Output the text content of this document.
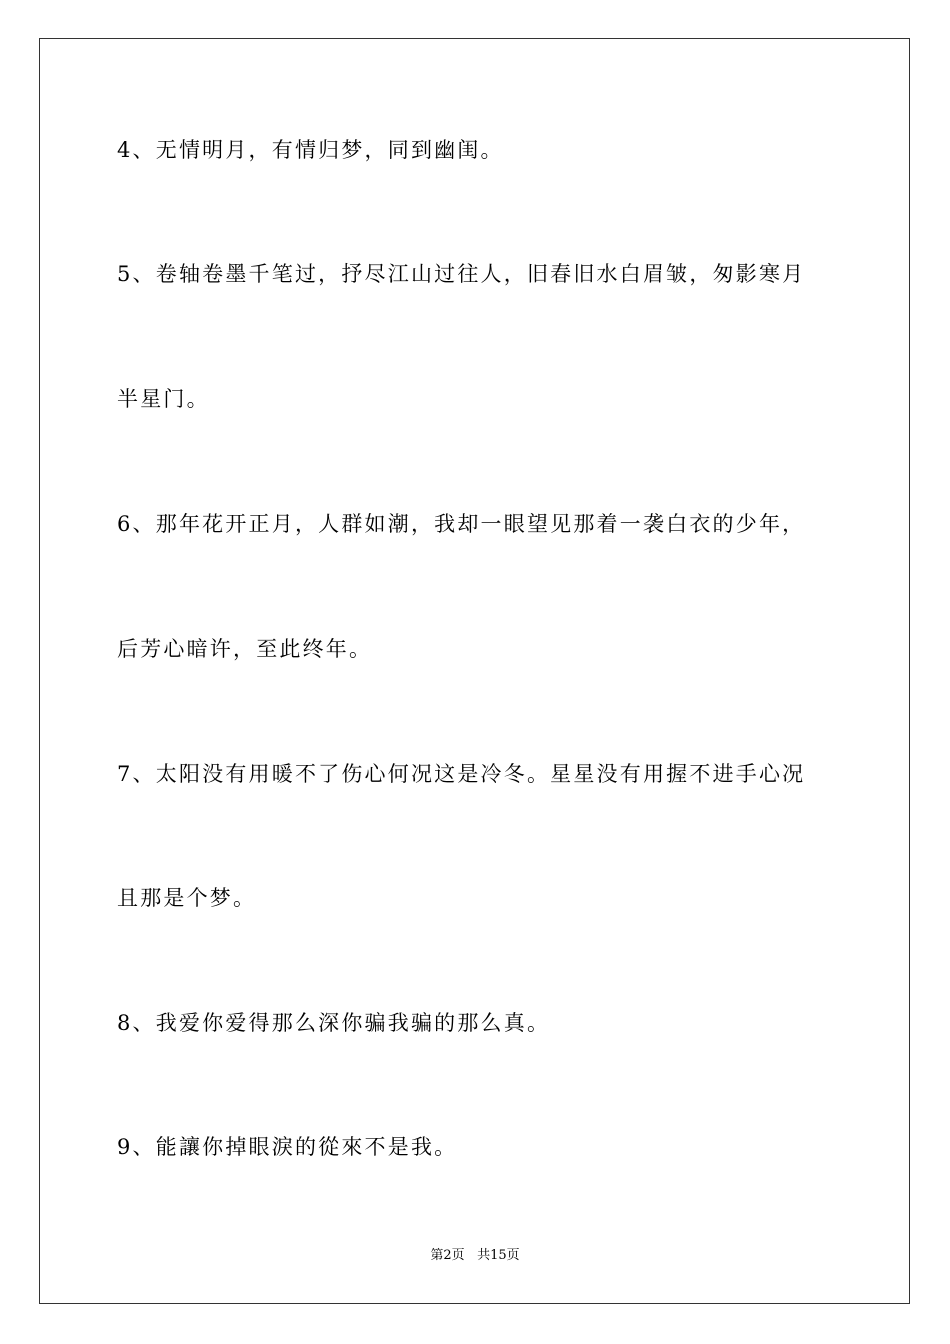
4、无情明月，有情归梦，同到幽闺。
5、卷轴卷墨千笔过，抒尽江山过往人，旧春旧水白眉皱，匆影寒月
半星门。
6、那年花开正月，人群如潮，我却一眼望见那着一袭白衣的少年，
后芳心暗许，至此终年。
7、太阳没有用暖不了伤心何况这是冷冬。星星没有用握不进手心况
且那是个梦。
8、我爱你爱得那么深你骗我骗的那么真。
9、能讓你掉眼淚的從來不是我。
第2页 共15页
